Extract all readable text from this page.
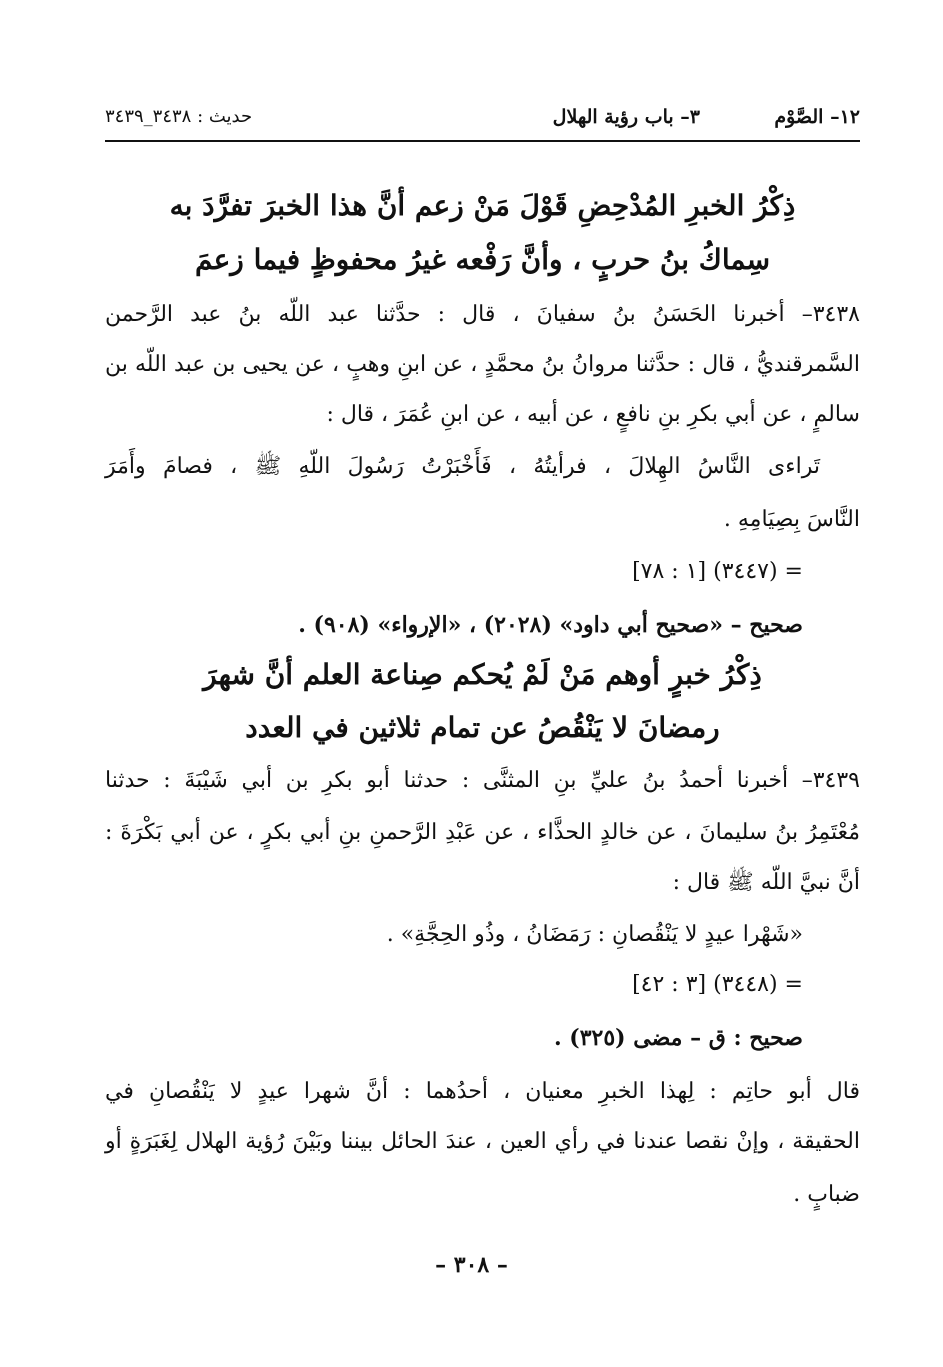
١٢– الصَّوْم
٣– باب رؤية الهلال
حديث : ٣٤٣٨_٣٤٣٩
ذِكْرُ الخبرِ المُدْحِضِ قَوْلَ مَنْ زعم أنَّ هذا الخبرَ تفرَّدَ به
سِماكُ بنُ حربٍ ، وأنَّ رَفْعه غيرُ محفوظٍ فيما زعمَ
٣٤٣٨– أخبرنا الحَسَنُ بنُ سفيانَ ، قال : حدَّثنا عبد اللّه بنُ عبد الرَّحمن
السَّمرقنديُّ ، قال : حدَّثنا مروانُ بنُ محمَّدٍ ، عن ابنِ وهبٍ ، عن يحيى بن عبد اللّه بن
سالمٍ ، عن أبي بكرِ بنِ نافعٍ ، عن أبيه ، عن ابنِ عُمَرَ ، قال :
تَراءى النَّاسُ الهِلالَ ، فرأيتُهُ ، فَأَخْبَرْتُ رَسُولَ اللّهِ ﷺ ، فصامَ وأَمَرَ
النَّاسَ بِصِيَامِهِ .
= (٣٤٤٧) [١ : ٧٨]
صحيح – «صحيح أبي داود» (٢٠٢٨) ، «الإرواء» (٩٠٨) .
ذِكْرُ خبرٍ أوهم مَنْ لَمْ يُحكم صِناعة العلم أنَّ شهرَ
رمضانَ لا يَنْقُصُ عن تمام ثلاثين في العدد
٣٤٣٩– أخبرنا أحمدُ بنُ عليِّ بنِ المثنَّى : حدثنا أبو بكرِ بن أبي شَيْبَةَ : حدثنا
مُعْتَمِرُ بنُ سليمانَ ، عن خالدٍ الحذَّاء ، عن عَبْدِ الرَّحمنِ بنِ أبي بكرٍ ، عن أبي بَكْرَةَ :
أنَّ نبيَّ اللّه ﷺ قال :
«شَهْرا عيدٍ لا يَنْقُصانِ : رَمَضَانُ ، وذُو الحِجَّةِ» .
= (٣٤٤٨) [٣ : ٤٢]
صحيح : ق – مضى (٣٢٥) .
قال أبو حاتِم : لِهذا الخبرِ معنيان ، أحدُهما : أنَّ شهرا عيدٍ لا يَنْقُصانِ في
الحقيقة ، وإنْ نقصا عندنا في رأي العين ، عندَ الحائل بيننا وبَيْنَ رُؤية الهلال لِغَبَرَةٍ أو
ضبابٍ .
– ٣٠٨ –
